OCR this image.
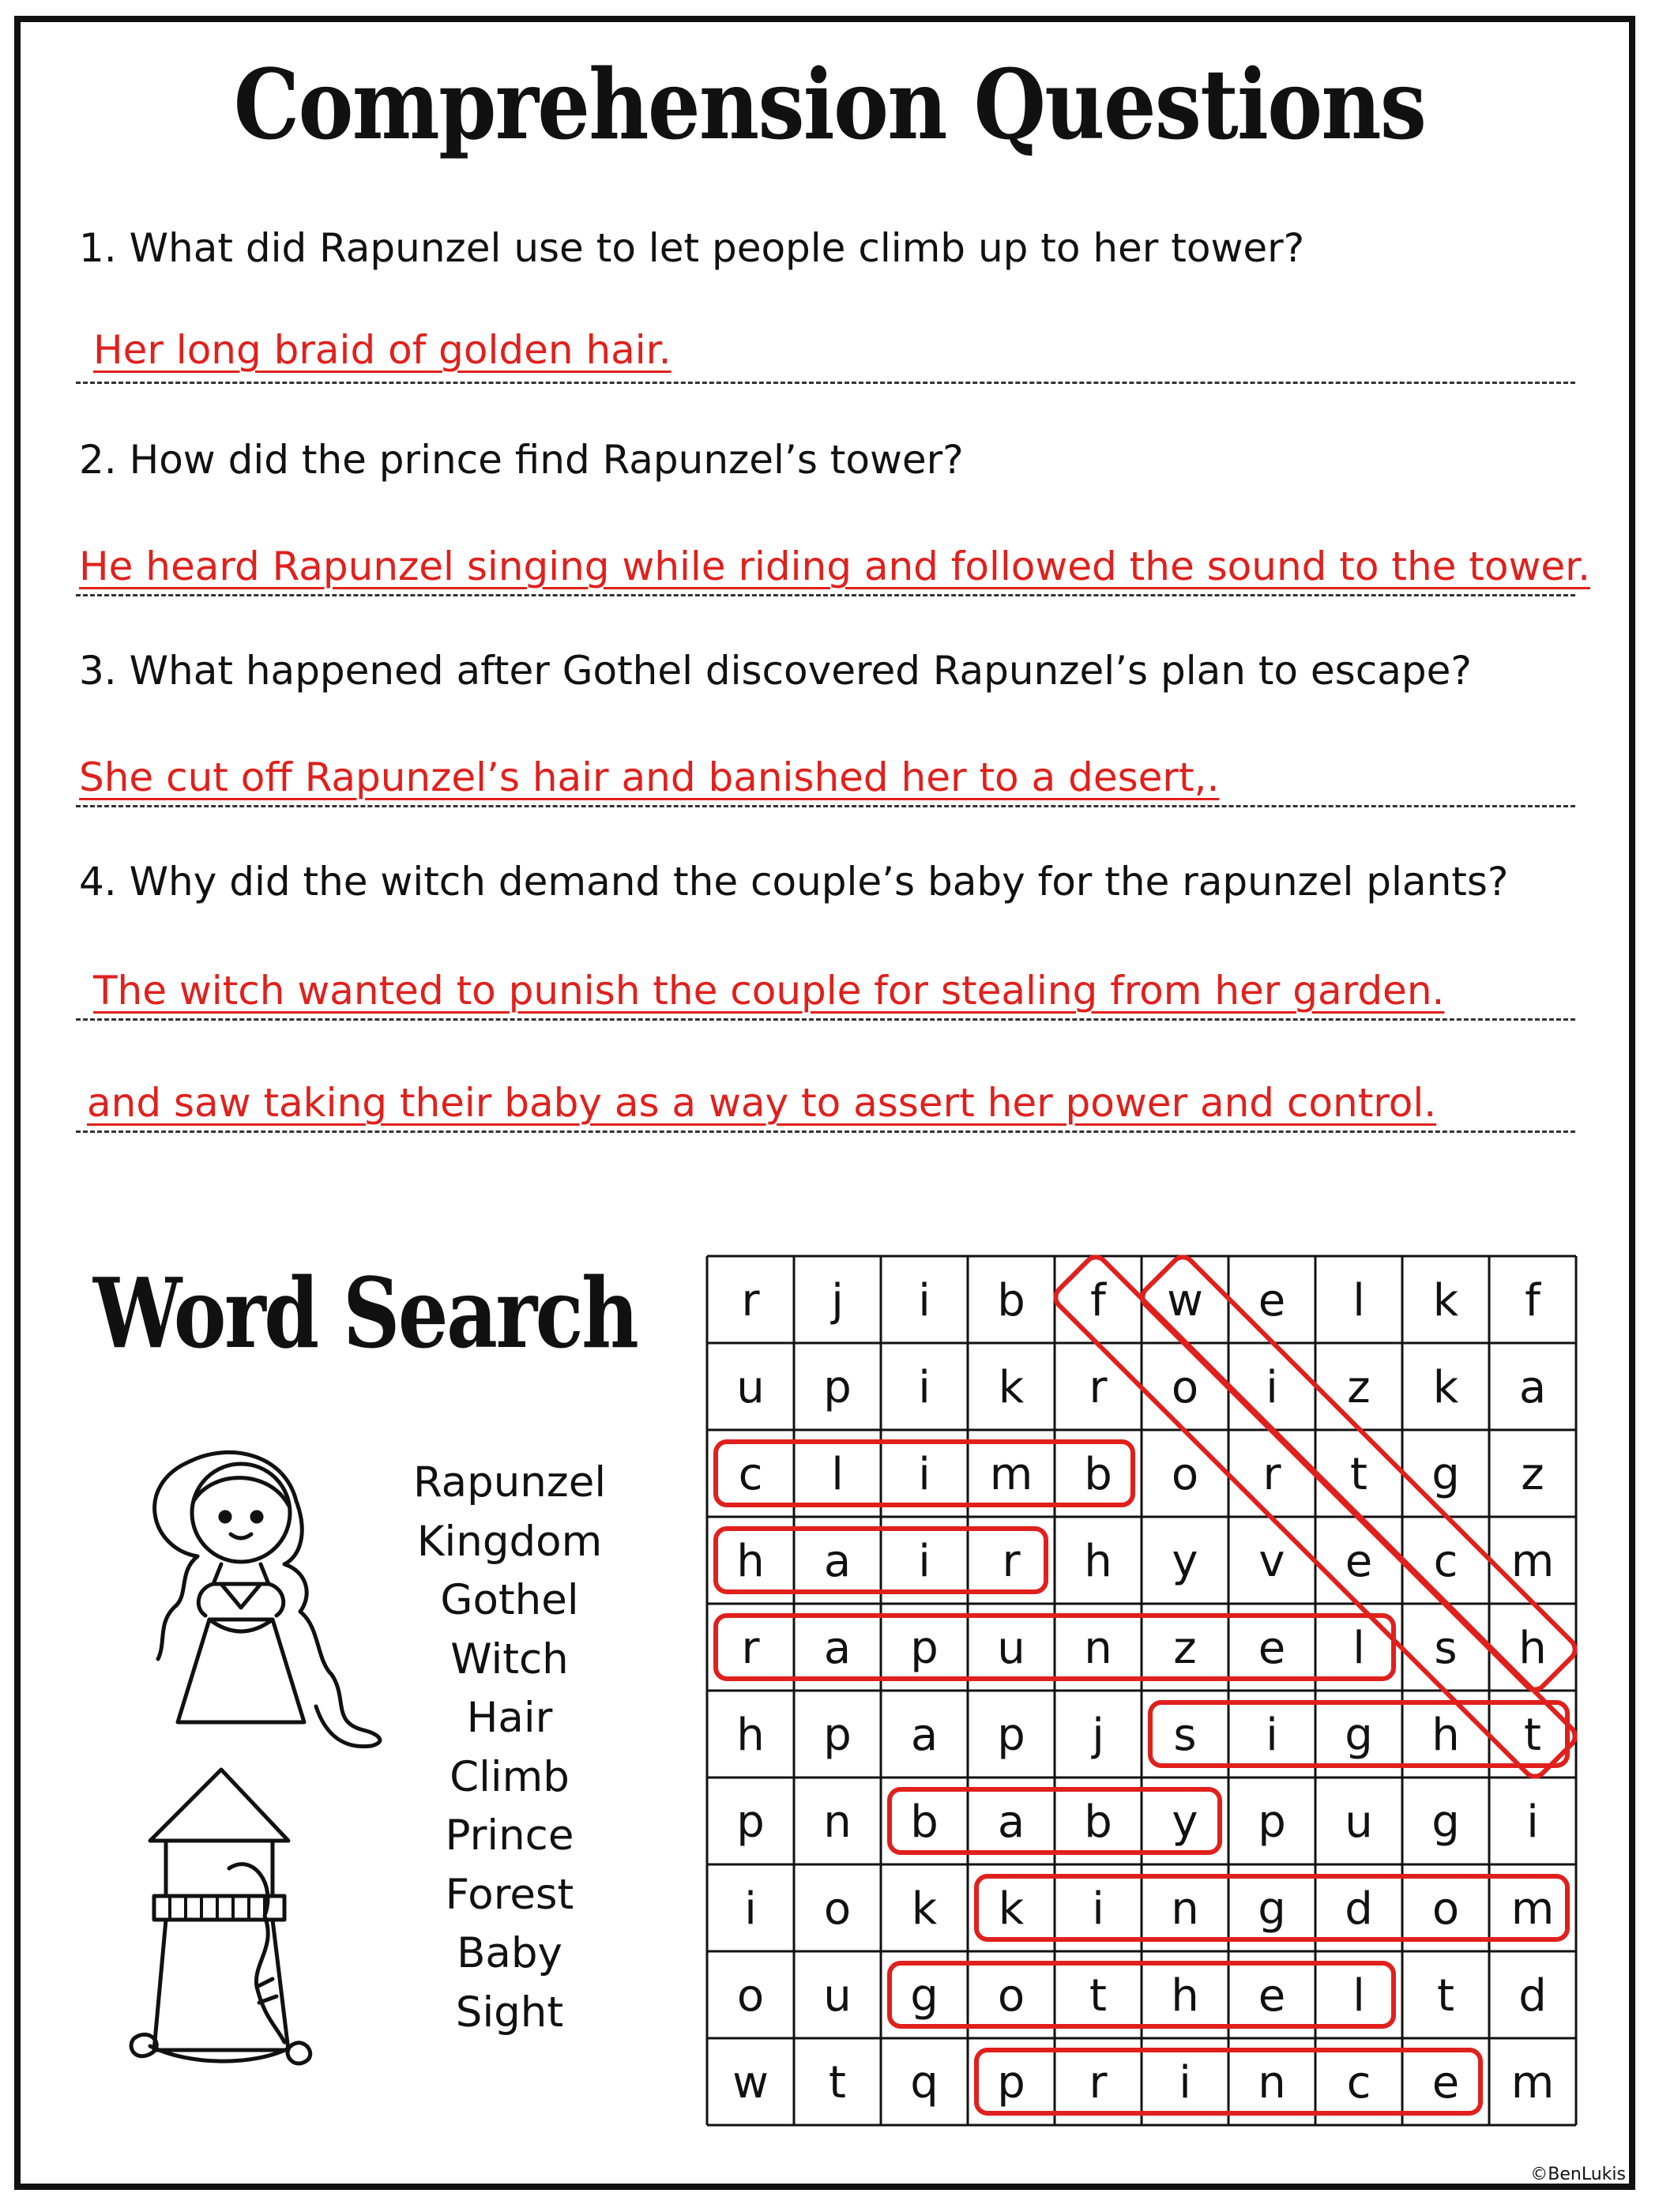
Comprehension Questions
1. What did Rapunzel use to let people climb up to her tower?
Her long braid of golden hair.
2. How did the prince find Rapunzel’s tower?
He heard Rapunzel singing while riding and followed the sound to the tower.
3. What happened after Gothel discovered Rapunzel’s plan to escape?
She cut off Rapunzel’s hair and banished her to a desert,.
4. Why did the witch demand the couple’s baby for the rapunzel plants?
The witch wanted to punish the couple for stealing from her garden.
and saw taking their baby as a way to assert her power and control.
Word Search
Rapunzel
Kingdom
Gothel
Witch
Hair
Climb
Prince
Forest
Baby
Sight
r j i b f w e l k f
u p i k r o i z k a
c l i m b o r t g z
h a i r h y v e c m
r a p u n z e l s h
h p a p j s i g h t
p n b a b y p u g i
i o k k i n g d o m
o u g o t h e l t d
w t q p r i n c e m
©BenLukis
